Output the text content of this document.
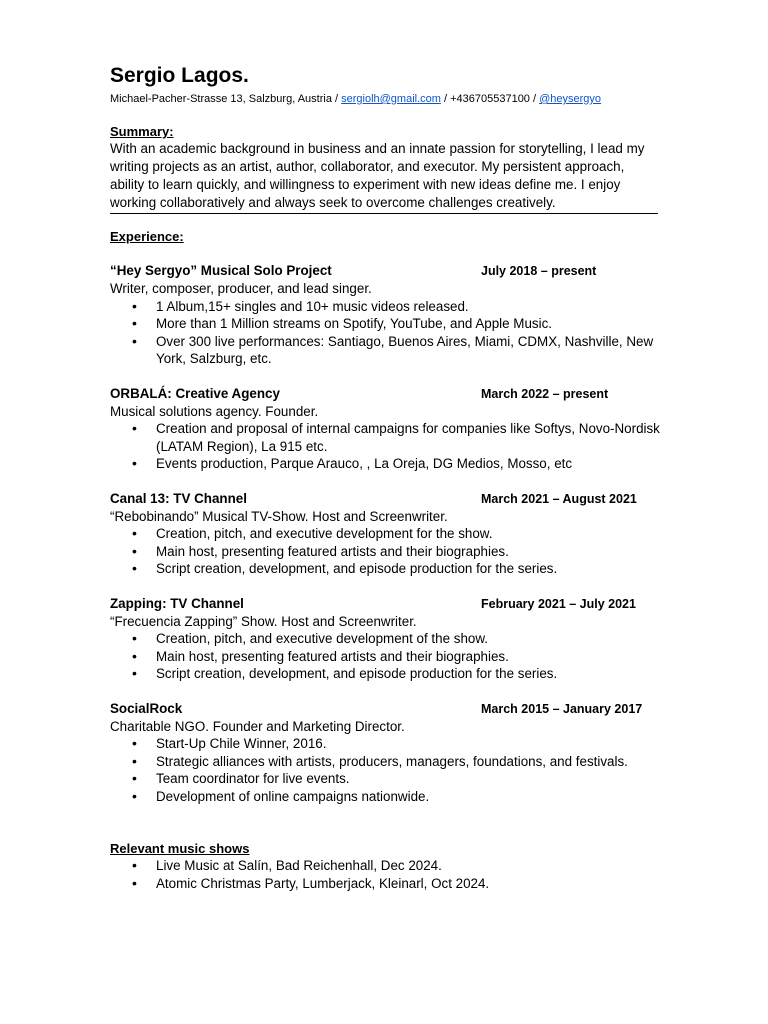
Sergio Lagos.
Michael-Pacher-Strasse 13, Salzburg, Austria / sergiolh@gmail.com / +436705537100 / @heysergyo
Summary:
With an academic background in business and an innate passion for storytelling, I lead my writing projects as an artist, author, collaborator, and executor. My persistent approach, ability to learn quickly, and willingness to experiment with new ideas define me. I enjoy working collaboratively and always seek to overcome challenges creatively.
Experience:
“Hey Sergyo” Musical Solo Project	July 2018 – present
Writer, composer, producer, and lead singer.
• 1 Album,15+ singles and 10+ music videos released.
• More than 1 Million streams on Spotify, YouTube, and Apple Music.
• Over 300 live performances: Santiago, Buenos Aires, Miami, CDMX, Nashville, New York, Salzburg, etc.
ORBALÁ: Creative Agency	March 2022 – present
Musical solutions agency. Founder.
• Creation and proposal of internal campaigns for companies like Softys, Novo-Nordisk (LATAM Region), La 915 etc.
• Events production, Parque Arauco, , La Oreja, DG Medios, Mosso, etc
Canal 13: TV Channel	March 2021 – August 2021
“Rebobinando” Musical TV-Show. Host and Screenwriter.
• Creation, pitch, and executive development for the show.
• Main host, presenting featured artists and their biographies.
• Script creation, development, and episode production for the series.
Zapping: TV Channel	February 2021 – July 2021
“Frecuencia Zapping” Show. Host and Screenwriter.
• Creation, pitch, and executive development of the show.
• Main host, presenting featured artists and their biographies.
• Script creation, development, and episode production for the series.
SocialRock	March 2015 – January 2017
Charitable NGO. Founder and Marketing Director.
• Start-Up Chile Winner, 2016.
• Strategic alliances with artists, producers, managers, foundations, and festivals.
• Team coordinator for live events.
• Development of online campaigns nationwide.
Relevant music shows
• Live Music at Salín, Bad Reichenhall, Dec 2024.
• Atomic Christmas Party, Lumberjack, Kleinarl, Oct 2024.
